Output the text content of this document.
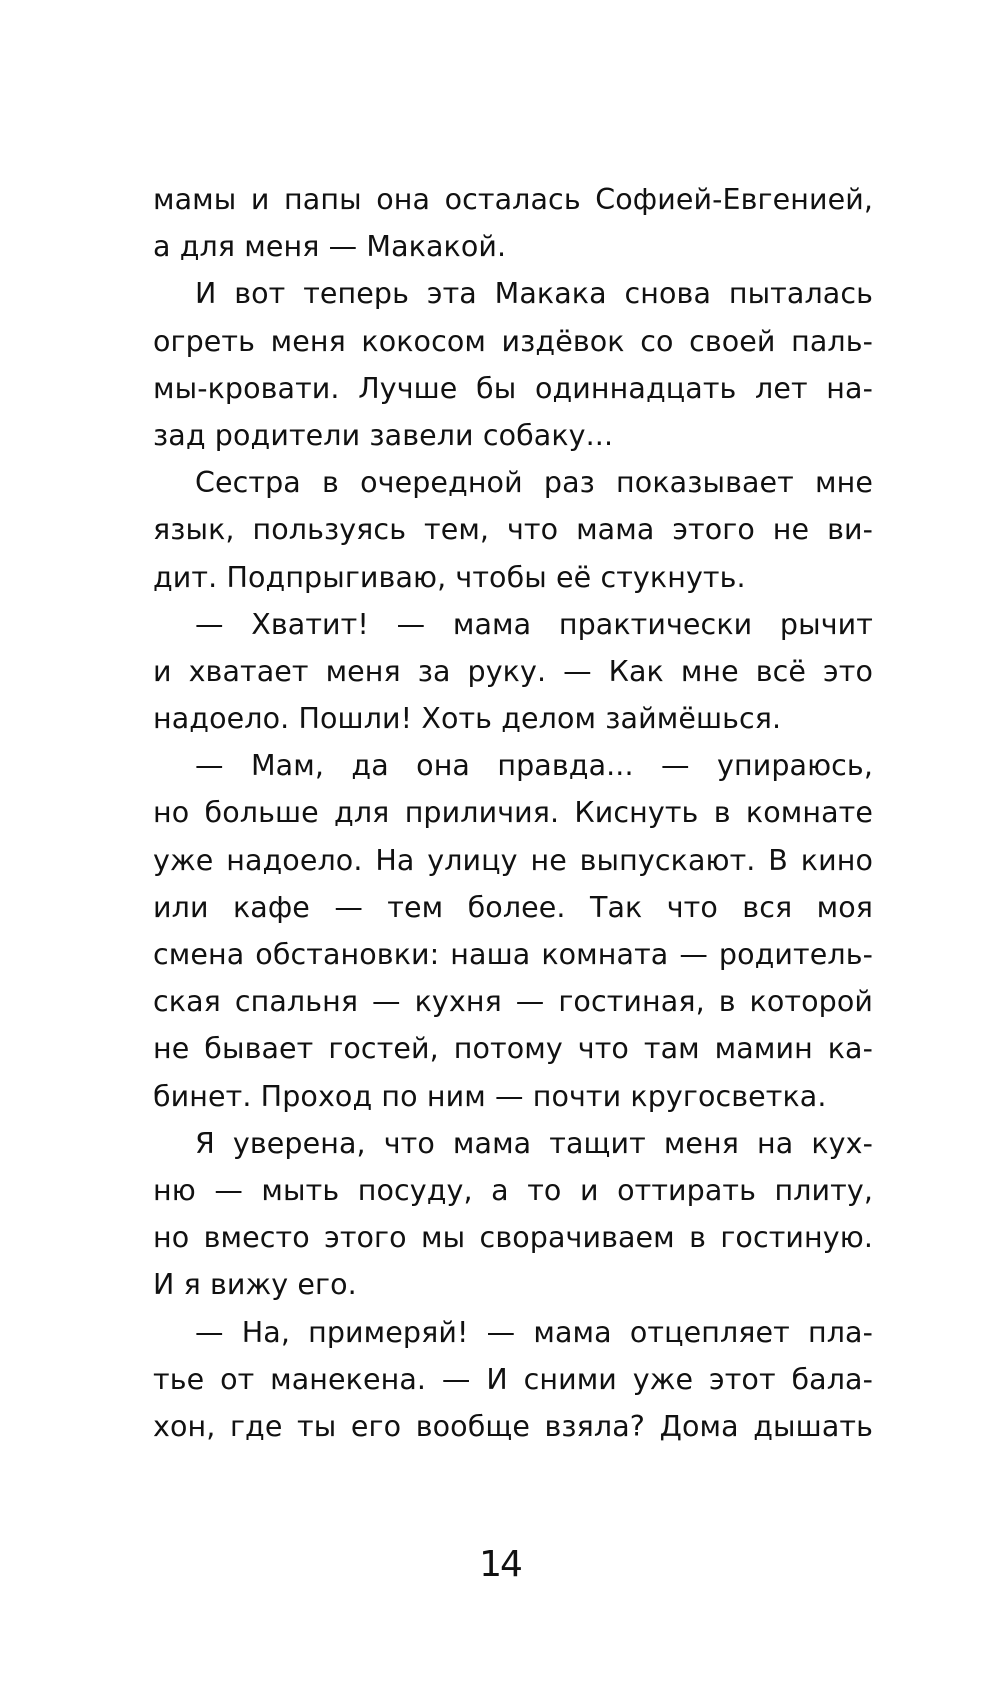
мамы и папы она осталась Софией-Евгенией,
а для меня — Макакой.
И вот теперь эта Макака снова пыталась
огреть меня кокосом издёвок со своей паль-
мы-кровати. Лучше бы одиннадцать лет на-
зад родители завели собаку...
Сестра в очередной раз показывает мне
язык, пользуясь тем, что мама этого не ви-
дит. Подпрыгиваю, чтобы её стукнуть.
— Хватит! — мама практически рычит
и хватает меня за руку. — Как мне всё это
надоело. Пошли! Хоть делом займёшься.
— Мам, да она правда... — упираюсь,
но больше для приличия. Киснуть в комнате
уже надоело. На улицу не выпускают. В кино
или кафе — тем более. Так что вся моя
смена обстановки: наша комната — родитель-
ская спальня — кухня — гостиная, в которой
не бывает гостей, потому что там мамин ка-
бинет. Проход по ним — почти кругосветка.
Я уверена, что мама тащит меня на кух-
ню — мыть посуду, а то и оттирать плиту,
но вместо этого мы сворачиваем в гостиную.
И я вижу его.
— На, примеряй! — мама отцепляет пла-
тье от манекена. — И сними уже этот бала-
хон, где ты его вообще взяла? Дома дышать
14
